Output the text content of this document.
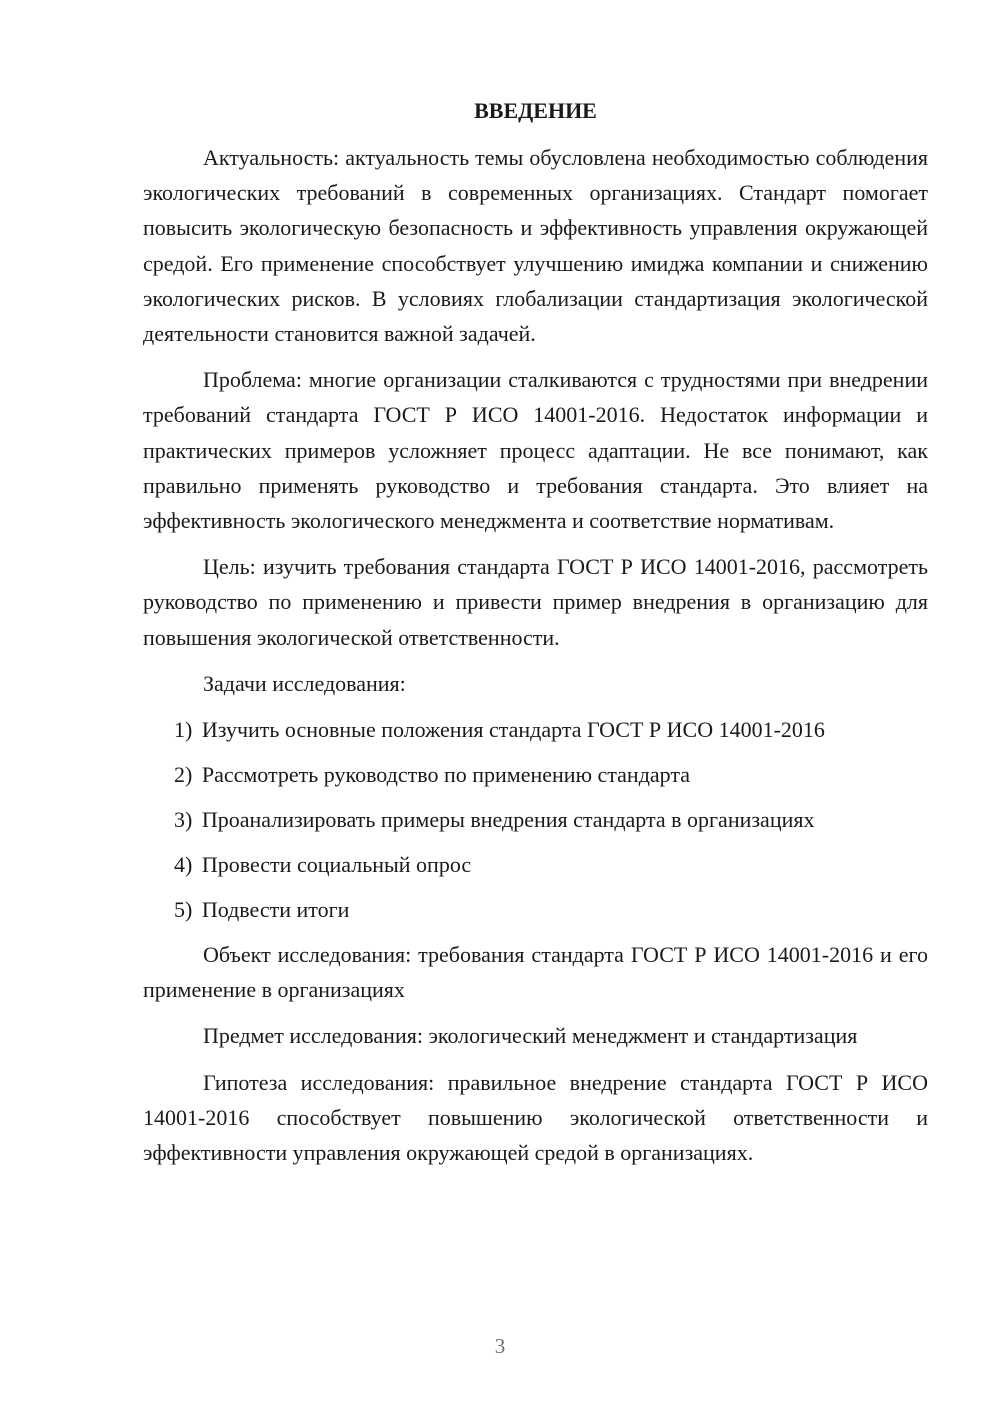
ВВЕДЕНИЕ

Актуальность: актуальность темы обусловлена необходимостью соблюдения экологических требований в современных организациях. Стандарт помогает повысить экологическую безопасность и эффективность управления окружающей средой. Его применение способствует улучшению имиджа компании и снижению экологических рисков. В условиях глобализации стандартизация экологической деятельности становится важной задачей.

Проблема: многие организации сталкиваются с трудностями при внедрении требований стандарта ГОСТ Р ИСО 14001-2016. Недостаток информации и практических примеров усложняет процесс адаптации. Не все понимают, как правильно применять руководство и требования стандарта. Это влияет на эффективность экологического менеджмента и соответствие нормативам.

Цель: изучить требования стандарта ГОСТ Р ИСО 14001-2016, рассмотреть руководство по применению и привести пример внедрения в организацию для повышения экологической ответственности.

Задачи исследования:

1) Изучить основные положения стандарта ГОСТ Р ИСО 14001-2016
2) Рассмотреть руководство по применению стандарта
3) Проанализировать примеры внедрения стандарта в организациях
4) Провести социальный опрос
5) Подвести итоги

Объект исследования: требования стандарта ГОСТ Р ИСО 14001-2016 и его применение в организациях

Предмет исследования: экологический менеджмент и стандартизация

Гипотеза исследования: правильное внедрение стандарта ГОСТ Р ИСО 14001-2016 способствует повышению экологической ответственности и эффективности управления окружающей средой в организациях.

3
